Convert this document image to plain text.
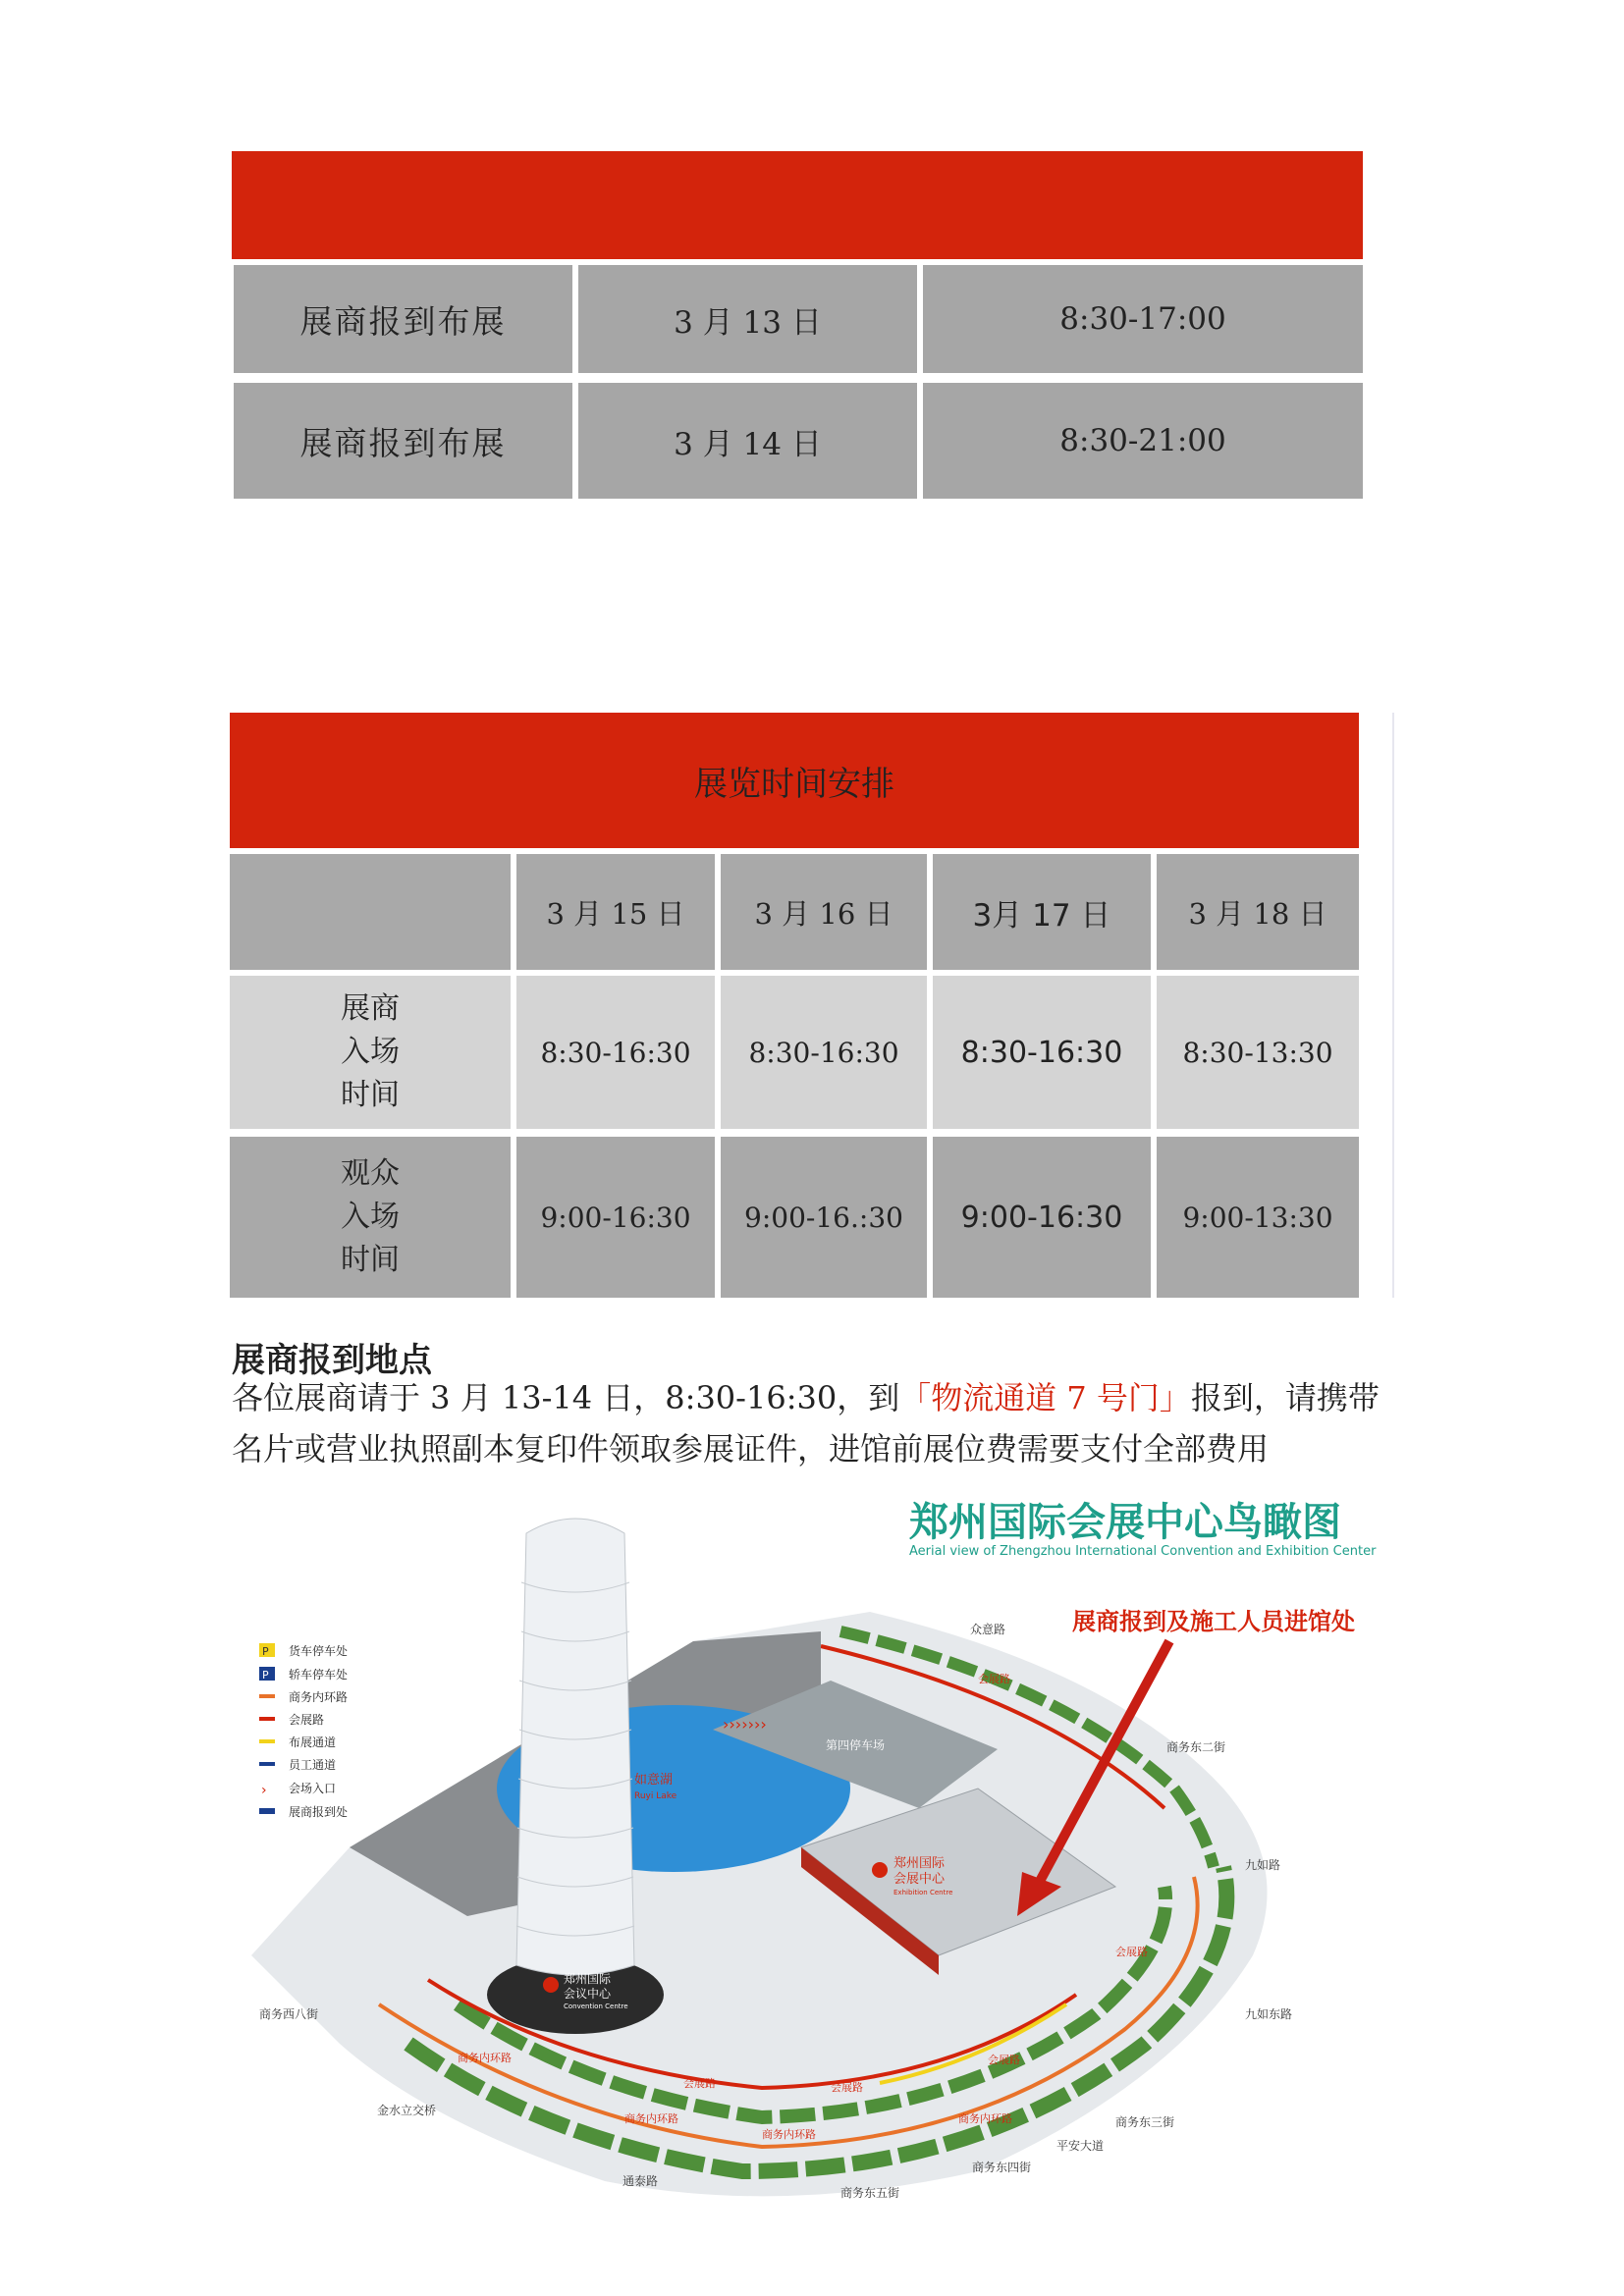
展商报到布展	3 月 13 日	8:30-17:00
展商报到布展	3 月 14 日	8:30-21:00
展览时间安排
3 月 15 日	3 月 16 日	3月 17 日	3 月 18 日
展商
入场
时间
8:30-16:30	8:30-16:30	8:30-16:30	8:30-13:30
观众
入场
时间
9:00-16:30	9:00-16.:30	9:00-16:30	9:00-13:30
展商报到地点
各位展商请于 3 月 13-14 日，8:30-16:30，到「物流通道 7 号门」报到，请携带
名片或营业执照副本复印件领取参展证件，进馆前展位费需要支付全部费用
如意湖
Ruyi Lake
第四停车场
›››››››
郑州国际
会展中心
Exhibition Centre
郑州国际
会议中心
Convention Centre
郑州国际会展中心鸟瞰图
Aerial view of Zhengzhou International Convention and Exhibition Center
展商报到及施工人员进馆处
P 货车停车处
P 轿车停车处
商务内环路
会展路
布展通道
员工通道
› 会场入口
展商报到处
众意路
商务东二街
九如路
九如东路
商务西八街
金水立交桥
商务东三街
平安大道
商务东四街
商务东五街
通泰路
商务内环路
商务内环路
商务内环路
商务内环路
会展路	会展路
会展路
会展路
会展路
